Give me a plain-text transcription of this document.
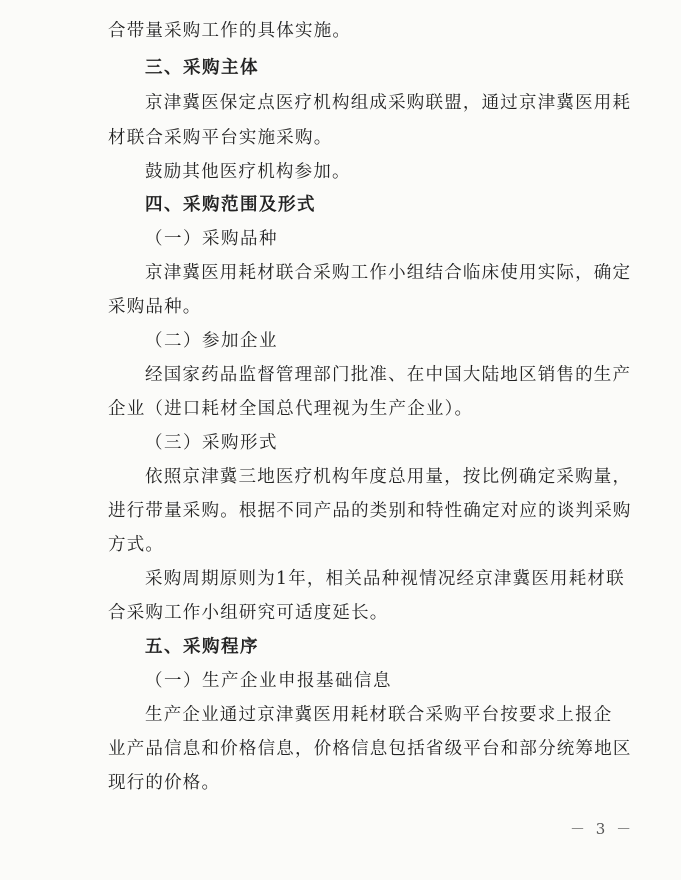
合带量采购工作的具体实施。
三、采购主体
京津冀医保定点医疗机构组成采购联盟，通过京津冀医用耗
材联合采购平台实施采购。
鼓励其他医疗机构参加。
四、采购范围及形式
（一）采购品种
京津冀医用耗材联合采购工作小组结合临床使用实际，确定
采购品种。
（二）参加企业
经国家药品监督管理部门批准、在中国大陆地区销售的生产
企业（进口耗材全国总代理视为生产企业）。
（三）采购形式
依照京津冀三地医疗机构年度总用量，按比例确定采购量，
进行带量采购。根据不同产品的类别和特性确定对应的谈判采购
方式。
采购周期原则为1年，相关品种视情况经京津冀医用耗材联
合采购工作小组研究可适度延长。
五、采购程序
（一）生产企业申报基础信息
生产企业通过京津冀医用耗材联合采购平台按要求上报企
业产品信息和价格信息，价格信息包括省级平台和部分统筹地区
现行的价格。
－ 3 －
